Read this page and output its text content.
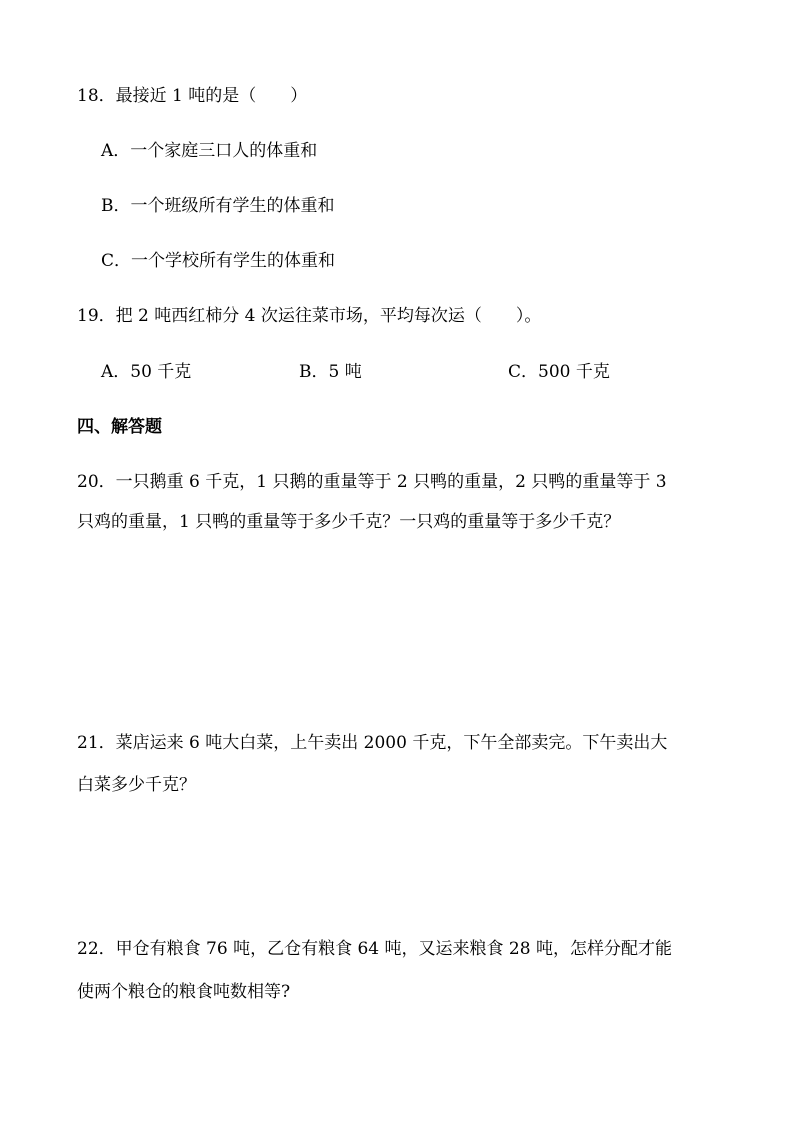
18．最接近 1 吨的是（　　）
A．一个家庭三口人的体重和
B．一个班级所有学生的体重和
C．一个学校所有学生的体重和
19．把 2 吨西红柿分 4 次运往菜市场，平均每次运（　　）。
A．50 千克	B．5 吨	C．500 千克
四、解答题
20．一只鹅重 6 千克，1 只鹅的重量等于 2 只鸭的重量，2 只鸭的重量等于 3
只鸡的重量，1 只鸭的重量等于多少千克？一只鸡的重量等于多少千克？
21．菜店运来 6 吨大白菜，上午卖出 2000 千克，下午全部卖完。下午卖出大
白菜多少千克？
22．甲仓有粮食 76 吨，乙仓有粮食 64 吨，又运来粮食 28 吨，怎样分配才能
使两个粮仓的粮食吨数相等?
